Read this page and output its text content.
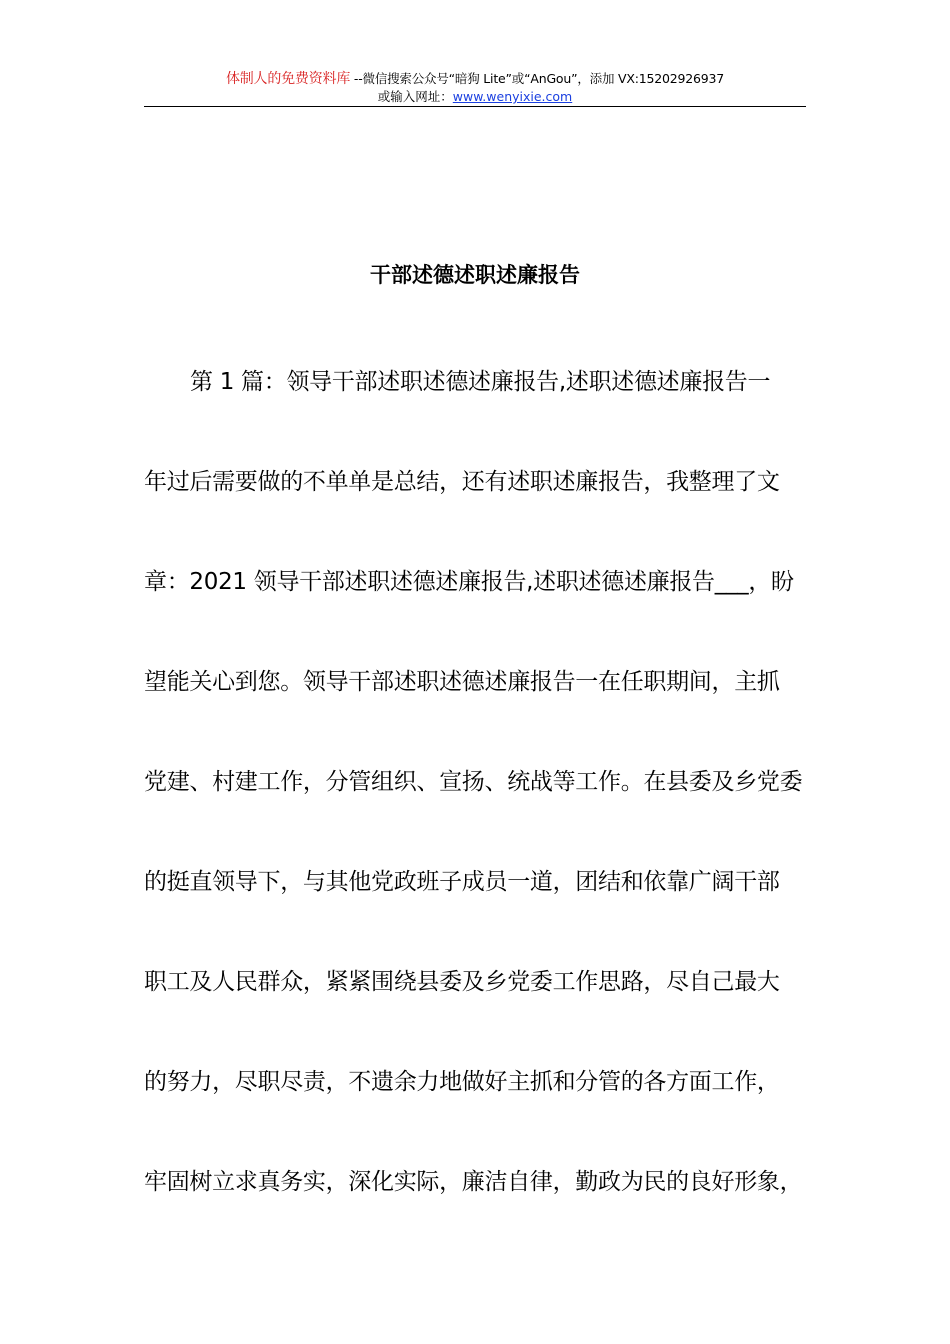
体制人的免费资料库 --微信搜索公众号“暗狗 Lite”或“AnGou”，添加 VX:15202926937
或输入网址：www.wenyixie.com
干部述德述职述廉报告
第 1 篇：领导干部述职述德述廉报告,述职述德述廉报告一
年过后需要做的不单单是总结，还有述职述廉报告，我整理了文
章：2021 领导干部述职述德述廉报告,述职述德述廉报告___，盼
望能关心到您。领导干部述职述德述廉报告一在任职期间，主抓
党建、村建工作，分管组织、宣扬、统战等工作。在县委及乡党委
的挺直领导下，与其他党政班子成员一道，团结和依靠广阔干部
职工及人民群众，紧紧围绕县委及乡党委工作思路，尽自己最大
的努力，尽职尽责，不遗余力地做好主抓和分管的各方面工作，
牢固树立求真务实，深化实际，廉洁自律，勤政为民的良好形象，
